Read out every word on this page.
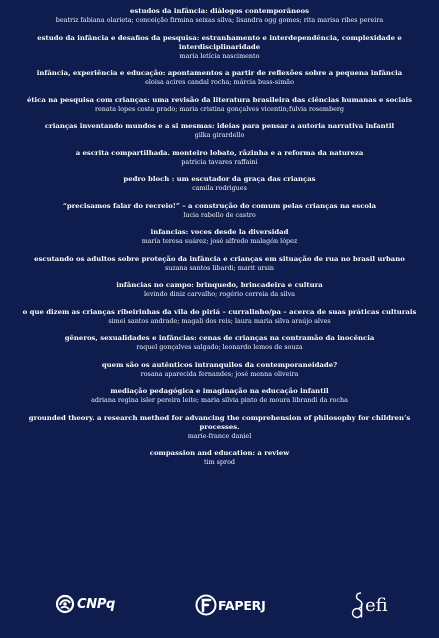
estudos da infância: diálogos contemporâneos
beatriz fabiana olarieta; conceição firmina seixas silva; lisandra ogg gomes; rita marisa ribes pereira
estudo da infância e desafios da pesquisa: estranhamento e interdependência, complexidade e interdisciplinaridade
maria letícia nascimento
infância, experiência e educação: apontamentos a partir de reflexões sobre a pequena infância
eloisa acires candal rocha; márcia buss-simão
ética na pesquisa com crianças: uma revisão da literatura brasileira das ciências humanas e sociais
renata lopes costa prado; maria cristina gonçalves vicentin;fulvia rosemberg
crianças inventando mundos e a si mesmas: ideias para pensar a autoria narrativa infantil
gilka girardello
a escrita compartilhada. monteiro lobato, rãzinha e a reforma da natureza
patricia tavares raffaini
pedro bloch : um escutador da graça das crianças
camila rodrigues
“precisamos falar do recreio!” – a construção do comum pelas crianças na escola
lucia rabello de castro
infancias: voces desde la diversidad
maría teresa suárez; josé alfredo malagón lópez
escutando os adultos sobre proteção da infância e crianças em situação de rua no brasil urbano
suzana santos libardi; marit ursin
infâncias no campo: brinquedo, brincadeira e cultura
levindo diniz carvalho; rogério correia da silva
o que dizem as crianças ribeirinhas da vila do piriá – curralinho/pa – acerca de suas práticas culturais
simei santos andrade; magali dos reis; laura maria silva araújo alves
gêneros, sexualidades e infâncias: cenas de crianças na contramão da inocência
raquel gonçalves salgado; leonardo lemos de souza
quem são os autênticos intranquilos da contemporaneidade?
rosana aparecida fernandes; josé menna oliveira
mediação pedagógica e imaginação na educação infantil
adriana regina isler pereira leite; maria silvia pinto de moura librandi da rocha
grounded theory. a research method for advancing the comprehension of philosophy for children’s processes.
marie-france daniel
compassion and education: a review
tim sprod
CNPq	FAPERJ	efi
